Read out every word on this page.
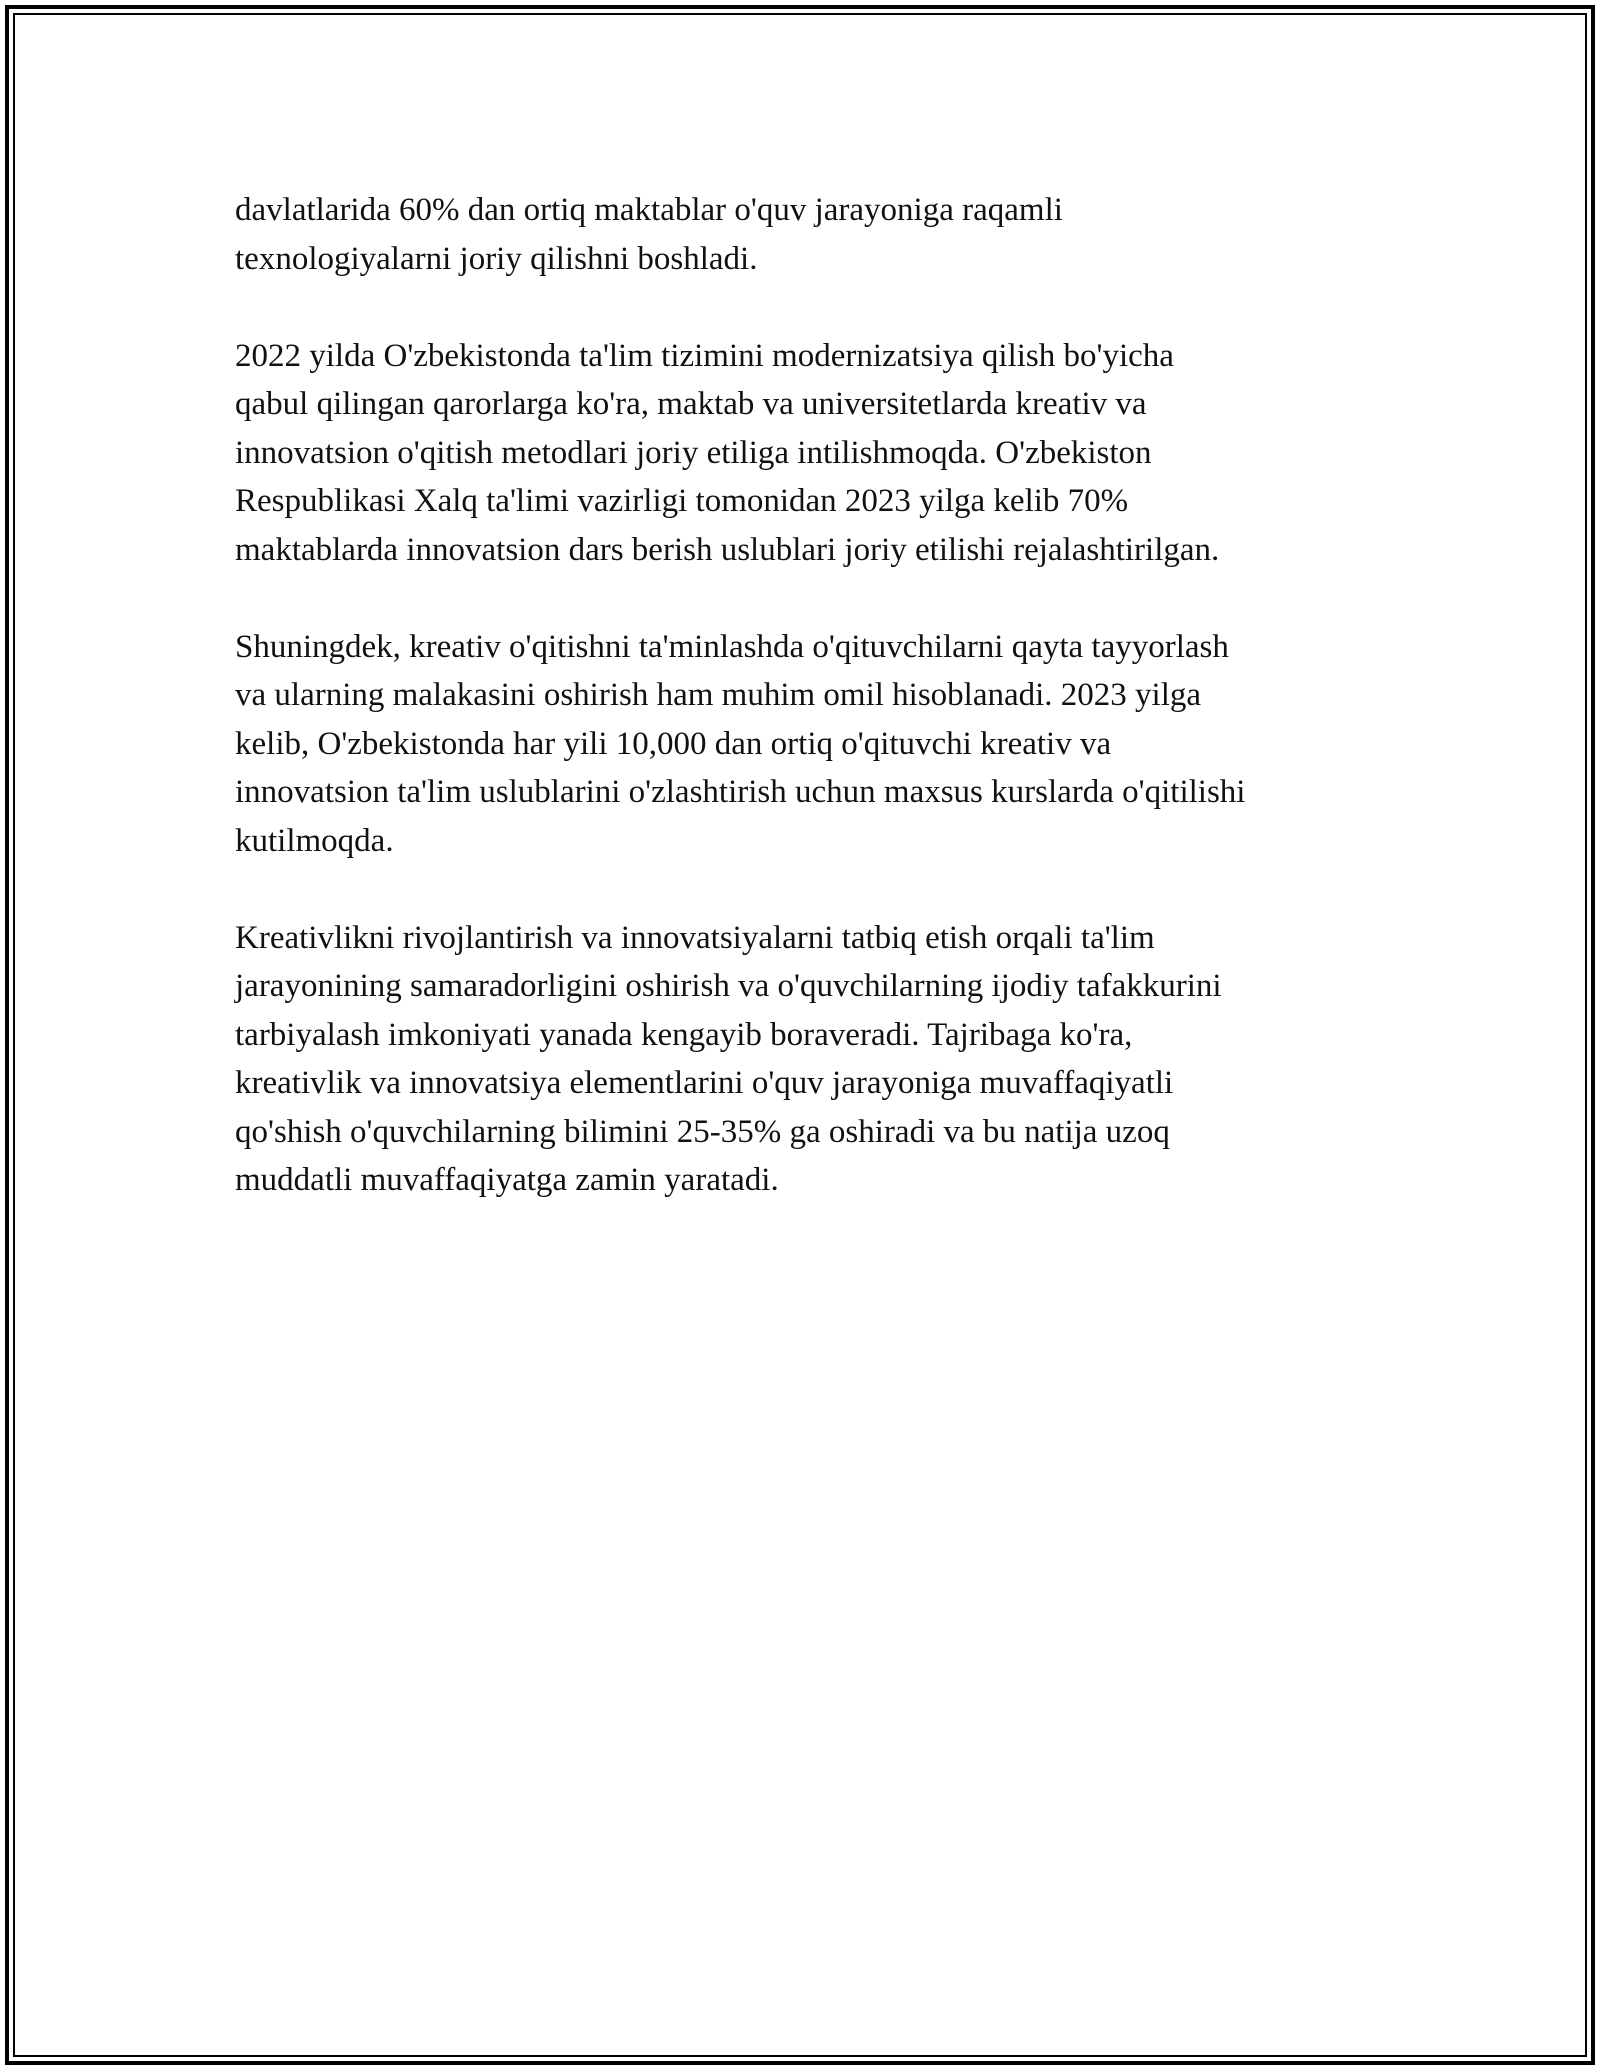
davlatlarida 60% dan ortiq maktablar o'quv jarayoniga raqamli
texnologiyalarni joriy qilishni boshladi.

2022 yilda O'zbekistonda ta'lim tizimini modernizatsiya qilish bo'yicha
qabul qilingan qarorlarga ko'ra, maktab va universitetlarda kreativ va
innovatsion o'qitish metodlari joriy etiliga intilishmoqda. O'zbekiston
Respublikasi Xalq ta'limi vazirligi tomonidan 2023 yilga kelib 70%
maktablarda innovatsion dars berish uslublari joriy etilishi rejalashtirilgan.

Shuningdek, kreativ o'qitishni ta'minlashda o'qituvchilarni qayta tayyorlash
va ularning malakasini oshirish ham muhim omil hisoblanadi. 2023 yilga
kelib, O'zbekistonda har yili 10,000 dan ortiq o'qituvchi kreativ va
innovatsion ta'lim uslublarini o'zlashtirish uchun maxsus kurslarda o'qitilishi
kutilmoqda.

Kreativlikni rivojlantirish va innovatsiyalarni tatbiq etish orqali ta'lim
jarayonining samaradorligini oshirish va o'quvchilarning ijodiy tafakkurini
tarbiyalash imkoniyati yanada kengayib boraveradi. Tajribaga ko'ra,
kreativlik va innovatsiya elementlarini o'quv jarayoniga muvaffaqiyatli
qo'shish o'quvchilarning bilimini 25-35% ga oshiradi va bu natija uzoq
muddatli muvaffaqiyatga zamin yaratadi.
